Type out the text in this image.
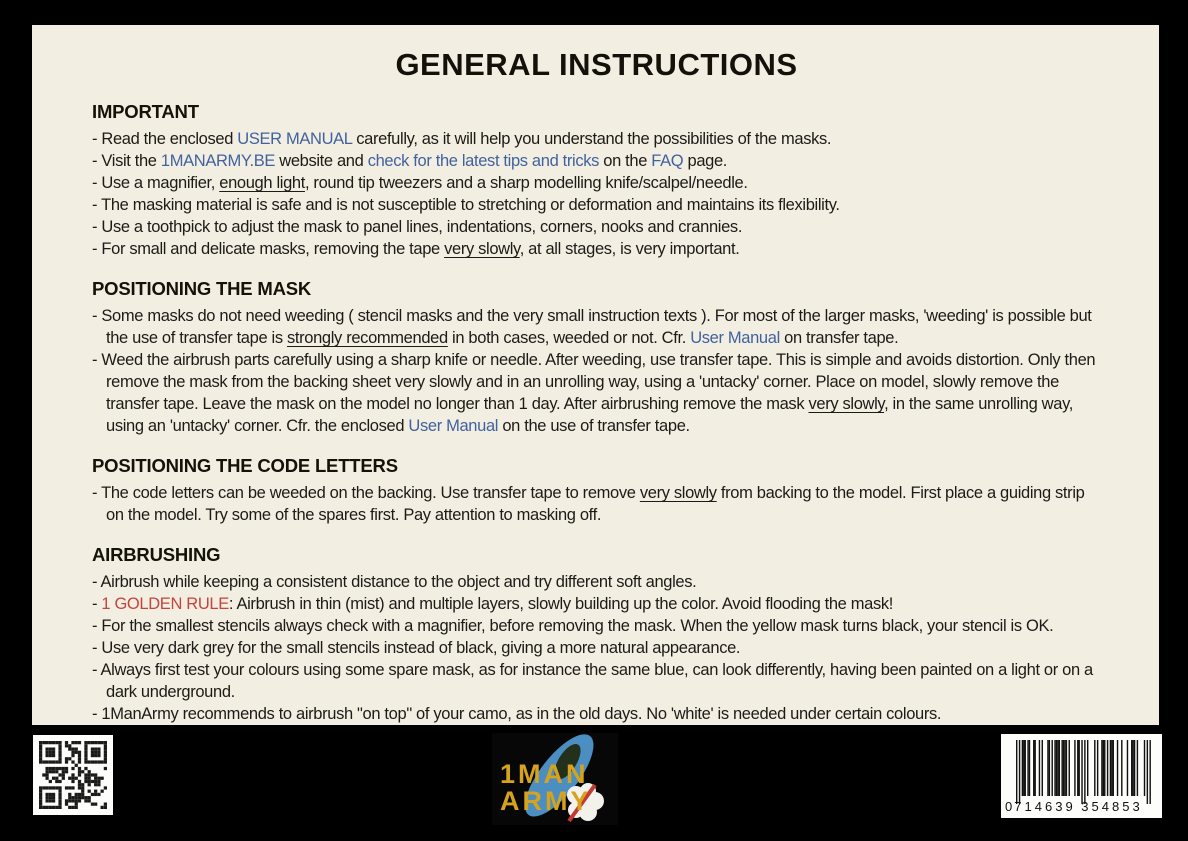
GENERAL INSTRUCTIONS
IMPORTANT
- Read the enclosed USER MANUAL carefully, as it will help you understand the possibilities of the masks.
- Visit the 1MANARMY.BE website and check for the latest tips and tricks on the FAQ page.
- Use a magnifier, enough light, round tip tweezers and a sharp modelling knife/scalpel/needle.
- The masking material is safe and is not susceptible to stretching or deformation and maintains its flexibility.
- Use a toothpick to adjust the mask to panel lines, indentations, corners, nooks and crannies.
- For small and delicate masks, removing the tape very slowly, at all stages, is very important.
POSITIONING THE MASK
- Some masks do not need weeding ( stencil masks and the very small instruction texts ). For most of the larger masks, 'weeding' is possible but the use of transfer tape is strongly recommended in both cases, weeded or not. Cfr. User Manual on transfer tape.
- Weed the airbrush parts carefully using a sharp knife or needle. After weeding, use transfer tape. This is simple and avoids distortion. Only then remove the mask from the backing sheet very slowly and in an unrolling way, using a 'untacky' corner. Place on model, slowly remove the transfer tape. Leave the mask on the model no longer than 1 day. After airbrushing remove the mask very slowly, in the same unrolling way, using an 'untacky' corner. Cfr. the enclosed User Manual on the use of transfer tape.
POSITIONING THE CODE LETTERS
- The code letters can be weeded on the backing. Use transfer tape to remove very slowly from backing to the model. First place a guiding strip on the model. Try some of the spares first. Pay attention to masking off.
AIRBRUSHING
- Airbrush while keeping a consistent distance to the object and try different soft angles.
- 1 GOLDEN RULE: Airbrush in thin (mist) and multiple layers, slowly building up the color. Avoid flooding the mask!
- For the smallest stencils always check with a magnifier, before removing the mask. When the yellow mask turns black, your stencil is OK.
- Use very dark grey for the small stencils instead of black, giving a more natural appearance.
- Always first test your colours using some spare mask, as for instance the same blue, can look differently, having been painted on a light or on a dark underground.
- 1ManArmy recommends to airbrush "on top" of your camo, as in the old days. No 'white' is needed under certain colours.
1MAN
ARMY	0 714639 354853
